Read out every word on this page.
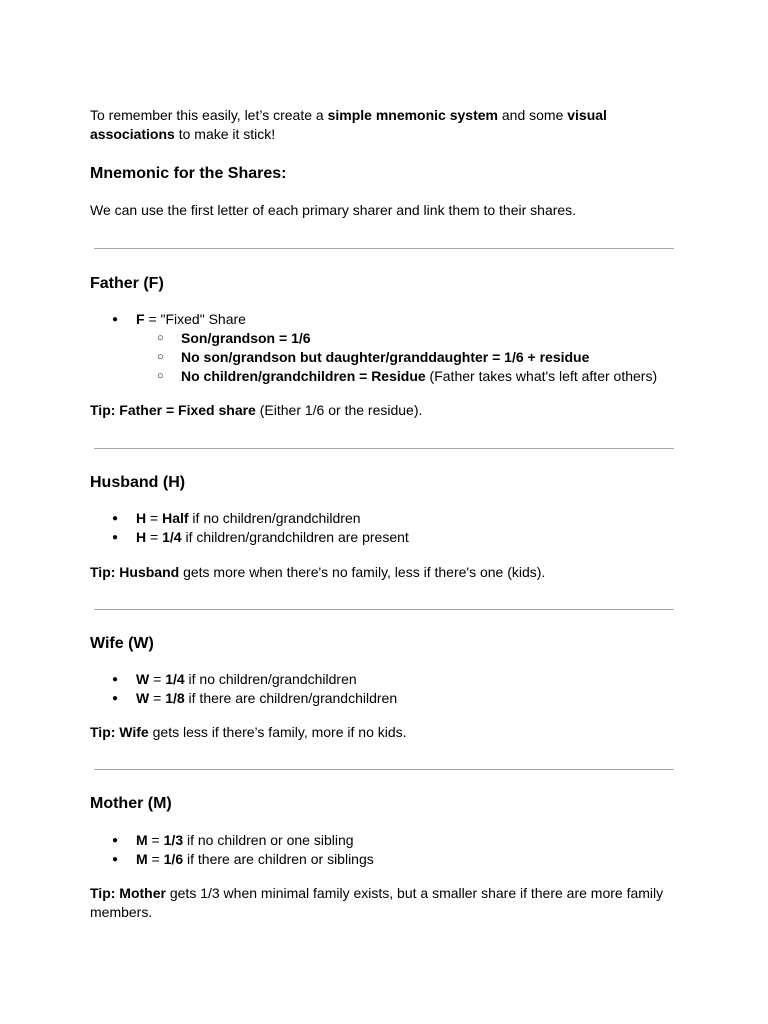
To remember this easily, let’s create a simple mnemonic system and some visual associations to make it stick!

Mnemonic for the Shares:

We can use the first letter of each primary sharer and link them to their shares.

Father (F)
● F = "Fixed" Share
○ Son/grandson = 1/6
○ No son/grandson but daughter/granddaughter = 1/6 + residue
○ No children/grandchildren = Residue (Father takes what's left after others)

Tip: Father = Fixed share (Either 1/6 or the residue).

Husband (H)
● H = Half if no children/grandchildren
● H = 1/4 if children/grandchildren are present

Tip: Husband gets more when there's no family, less if there's one (kids).

Wife (W)
● W = 1/4 if no children/grandchildren
● W = 1/8 if there are children/grandchildren

Tip: Wife gets less if there’s family, more if no kids.

Mother (M)
● M = 1/3 if no children or one sibling
● M = 1/6 if there are children or siblings

Tip: Mother gets 1/3 when minimal family exists, but a smaller share if there are more family members.
